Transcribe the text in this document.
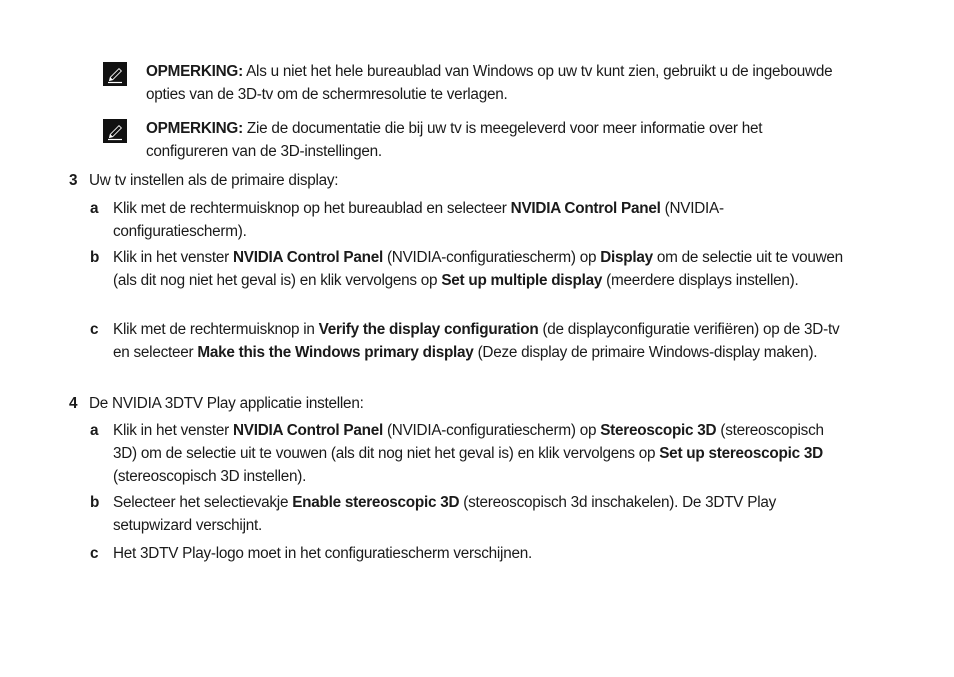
OPMERKING: Als u niet het hele bureaublad van Windows op uw tv kunt zien, gebruikt u de ingebouwde opties van de 3D-tv om de schermresolutie te verlagen.
OPMERKING: Zie de documentatie die bij uw tv is meegeleverd voor meer informatie over het configureren van de 3D-instellingen.
3 Uw tv instellen als de primaire display:
a Klik met de rechtermuisknop op het bureaublad en selecteer NVIDIA Control Panel (NVIDIA-configuratiescherm).
b Klik in het venster NVIDIA Control Panel (NVIDIA-configuratiescherm) op Display om de selectie uit te vouwen (als dit nog niet het geval is) en klik vervolgens op Set up multiple display (meerdere displays instellen).
c Klik met de rechtermuisknop in Verify the display configuration (de displayconfiguratie verifiëren) op de 3D-tv en selecteer Make this the Windows primary display (Deze display de primaire Windows-display maken).
4 De NVIDIA 3DTV Play applicatie instellen:
a Klik in het venster NVIDIA Control Panel (NVIDIA-configuratiescherm) op Stereoscopic 3D (stereoscopisch 3D) om de selectie uit te vouwen (als dit nog niet het geval is) en klik vervolgens op Set up stereoscopic 3D (stereoscopisch 3D instellen).
b Selecteer het selectievakje Enable stereoscopic 3D (stereoscopisch 3d inschakelen). De 3DTV Play setupwizard verschijnt.
c Het 3DTV Play-logo moet in het configuratiescherm verschijnen.
